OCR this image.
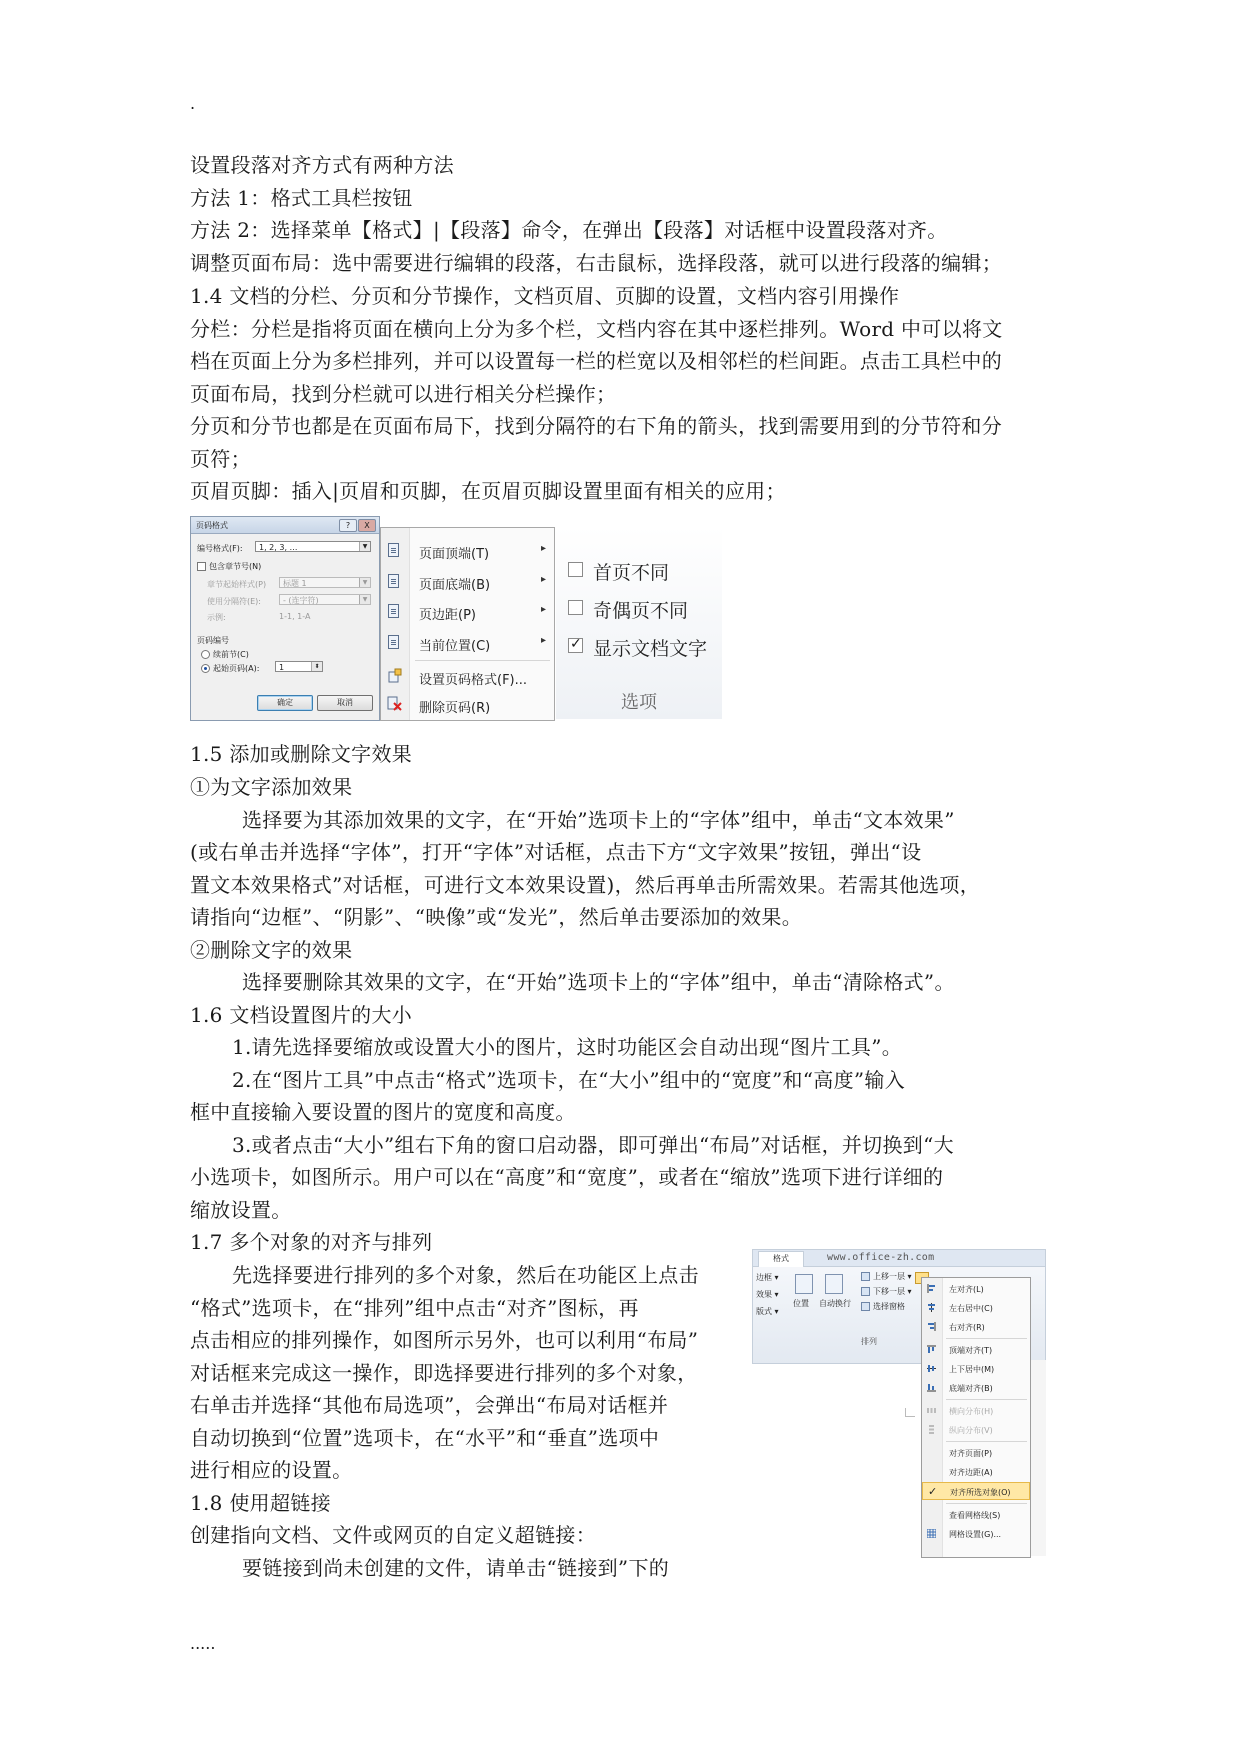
.
.....
设置段落对齐方式有两种方法
方法 1：格式工具栏按钮
方法 2：选择菜单【格式】|【段落】命令，在弹出【段落】对话框中设置段落对齐。
调整页面布局：选中需要进行编辑的段落，右击鼠标，选择段落，就可以进行段落的编辑；
1.4 文档的分栏、分页和分节操作，文档页眉、页脚的设置，文档内容引用操作
分栏：分栏是指将页面在横向上分为多个栏，文档内容在其中逐栏排列。Word 中可以将文
档在页面上分为多栏排列，并可以设置每一栏的栏宽以及相邻栏的栏间距。点击工具栏中的
页面布局，找到分栏就可以进行相关分栏操作；
分页和分节也都是在页面布局下，找到分隔符的右下角的箭头，找到需要用到的分节符和分
页符；
页眉页脚：插入|页眉和页脚，在页眉页脚设置里面有相关的应用；
页码格式	?	X
编号格式(F):	1, 2, 3, …	▼
包含章节号(N)
章节起始样式(P)	标题 1	▼
使用分隔符(E):	- (连字符)	▼
示例:	1-1, 1-A
页码编号
续前节(C)
起始页码(A):	1	⬍
确定	取消
页面顶端(T)	▸
页面底端(B)	▸
页边距(P)	▸
当前位置(C)	▸
设置页码格式(F)...
删除页码(R)
首页不同
奇偶页不同
✓
显示文档文字
选项
1.5 添加或删除文字效果
①为文字添加效果
选择要为其添加效果的文字，在“开始”选项卡上的“字体”组中，单击“文本效果”
(或右单击并选择“字体”，打开“字体”对话框，点击下方“文字效果”按钮，弹出“设
置文本效果格式”对话框，可进行文本效果设置)，然后再单击所需效果。若需其他选项，
请指向“边框”、“阴影”、“映像”或“发光”，然后单击要添加的效果。
②删除文字的效果
选择要删除其效果的文字，在“开始”选项卡上的“字体”组中，单击“清除格式”。
1.6 文档设置图片的大小
1.请先选择要缩放或设置大小的图片，这时功能区会自动出现“图片工具”。
2.在“图片工具”中点击“格式”选项卡，在“大小”组中的“宽度”和“高度”输入
框中直接输入要设置的图片的宽度和高度。
3.或者点击“大小”组右下角的窗口启动器，即可弹出“布局”对话框，并切换到“大
小选项卡，如图所示。用户可以在“高度”和“宽度”，或者在“缩放”选项下进行详细的
缩放设置。
1.7 多个对象的对齐与排列
先选择要进行排列的多个对象，然后在功能区上点击
“格式”选项卡，在“排列”组中点击“对齐”图标，再
点击相应的排列操作，如图所示另外，也可以利用“布局”
对话框来完成这一操作，即选择要进行排列的多个对象，
右单击并选择“其他布局选项”，会弹出“布局对话框并
自动切换到“位置”选项卡，在“水平”和“垂直”选项中
进行相应的设置。
1.8 使用超链接
创建指向文档、文件或网页的自定义超链接：
要链接到尚未创建的文件，请单击“链接到”下的
格式	www.office-zh.com
边框 ▾
效果 ▾
版式 ▾
位置 自动换行
上移一层 ▾
下移一层 ▾
选择窗格
排列
左对齐(L)
左右居中(C)
右对齐(R)
顶端对齐(T)
上下居中(M)
底端对齐(B)
横向分布(H)
纵向分布(V)
对齐页面(P)
对齐边距(A)
✓ 对齐所选对象(O)
查看网格线(S)
网格设置(G)...
